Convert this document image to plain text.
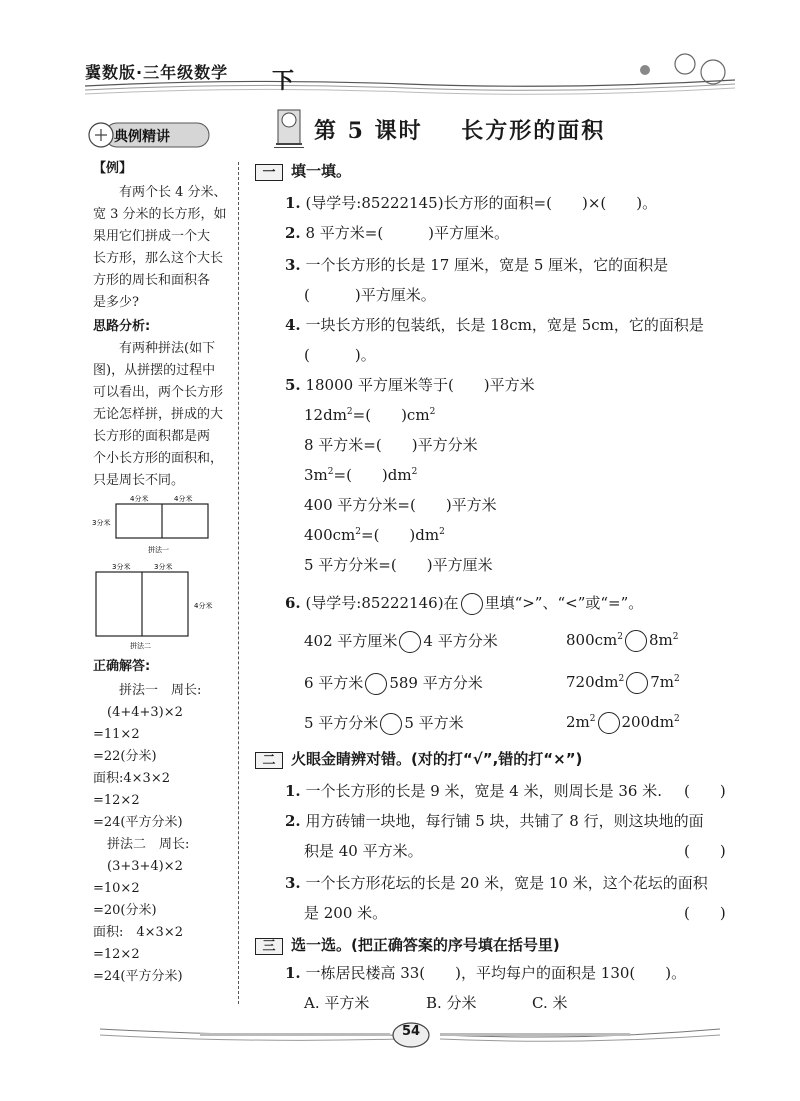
冀数版·三年级数学 下
第 5 课时    长方形的面积
典例精讲
【例】
有两个长 4 分米、
宽 3 分米的长方形，如
果用它们拼成一个大
长方形，那么这个大长
方形的周长和面积各
是多少?
思路分析:
有两种拼法(如下
图)，从拼摆的过程中
可以看出，两个长方形
无论怎样拼，拼成的大
长方形的面积都是两
个小长方形的面积和，
只是周长不同。
4分米	4分米
3分米
拼法一
3分米	3分米
4分米
拼法二
正确解答:
拼法一　周长:
(4+4+3)×2
=11×2
=22(分米)
面积:4×3×2
=12×2
=24(平方分米)
拼法二　周长:
(3+3+4)×2
=10×2
=20(分米)
面积:　4×3×2
=12×2
=24(平方分米)
一 填一填。
1. (导学号:85222145)长方形的面积=(　　)×(　　)。
2. 8 平方米=(　　　)平方厘米。
3. 一个长方形的长是 17 厘米，宽是 5 厘米，它的面积是
(　　　)平方厘米。
4. 一块长方形的包装纸，长是 18cm，宽是 5cm，它的面积是
(　　　)。
5. 18000 平方厘米等于(　　)平方米
$12dm^2=$(　　)$cm^2$
8 平方米=(　　)平方分米
$3m^2=$(　　)$dm^2$
400 平方分米=(　　)平方米
$400cm^2=$(　　)$dm^2$
5 平方分米=(　　)平方厘米
6. (导学号:85222146)在 里填“>”、“<”或“=”。
402 平方厘米 4 平方分米	$800cm^2$ $8m^2$
6 平方米 589 平方分米	$720dm^2$ $7m^2$
5 平方分米 5 平方米	$2m^2$ $200dm^2$
二 火眼金睛辨对错。(对的打“√”,错的打“×”)
1. 一个长方形的长是 9 米，宽是 4 米，则周长是 36 米. (　　)
2. 用方砖铺一块地，每行铺 5 块，共铺了 8 行，则这块地的面
积是 40 平方米。	(　　)
3. 一个长方形花坛的长是 20 米，宽是 10 米，这个花坛的面积
是 200 米。	(　　)
三 选一选。(把正确答案的序号填在括号里)
1. 一栋居民楼高 33(　　)，平均每户的面积是 130(　　)。
A. 平方米	B. 分米	C. 米
54
